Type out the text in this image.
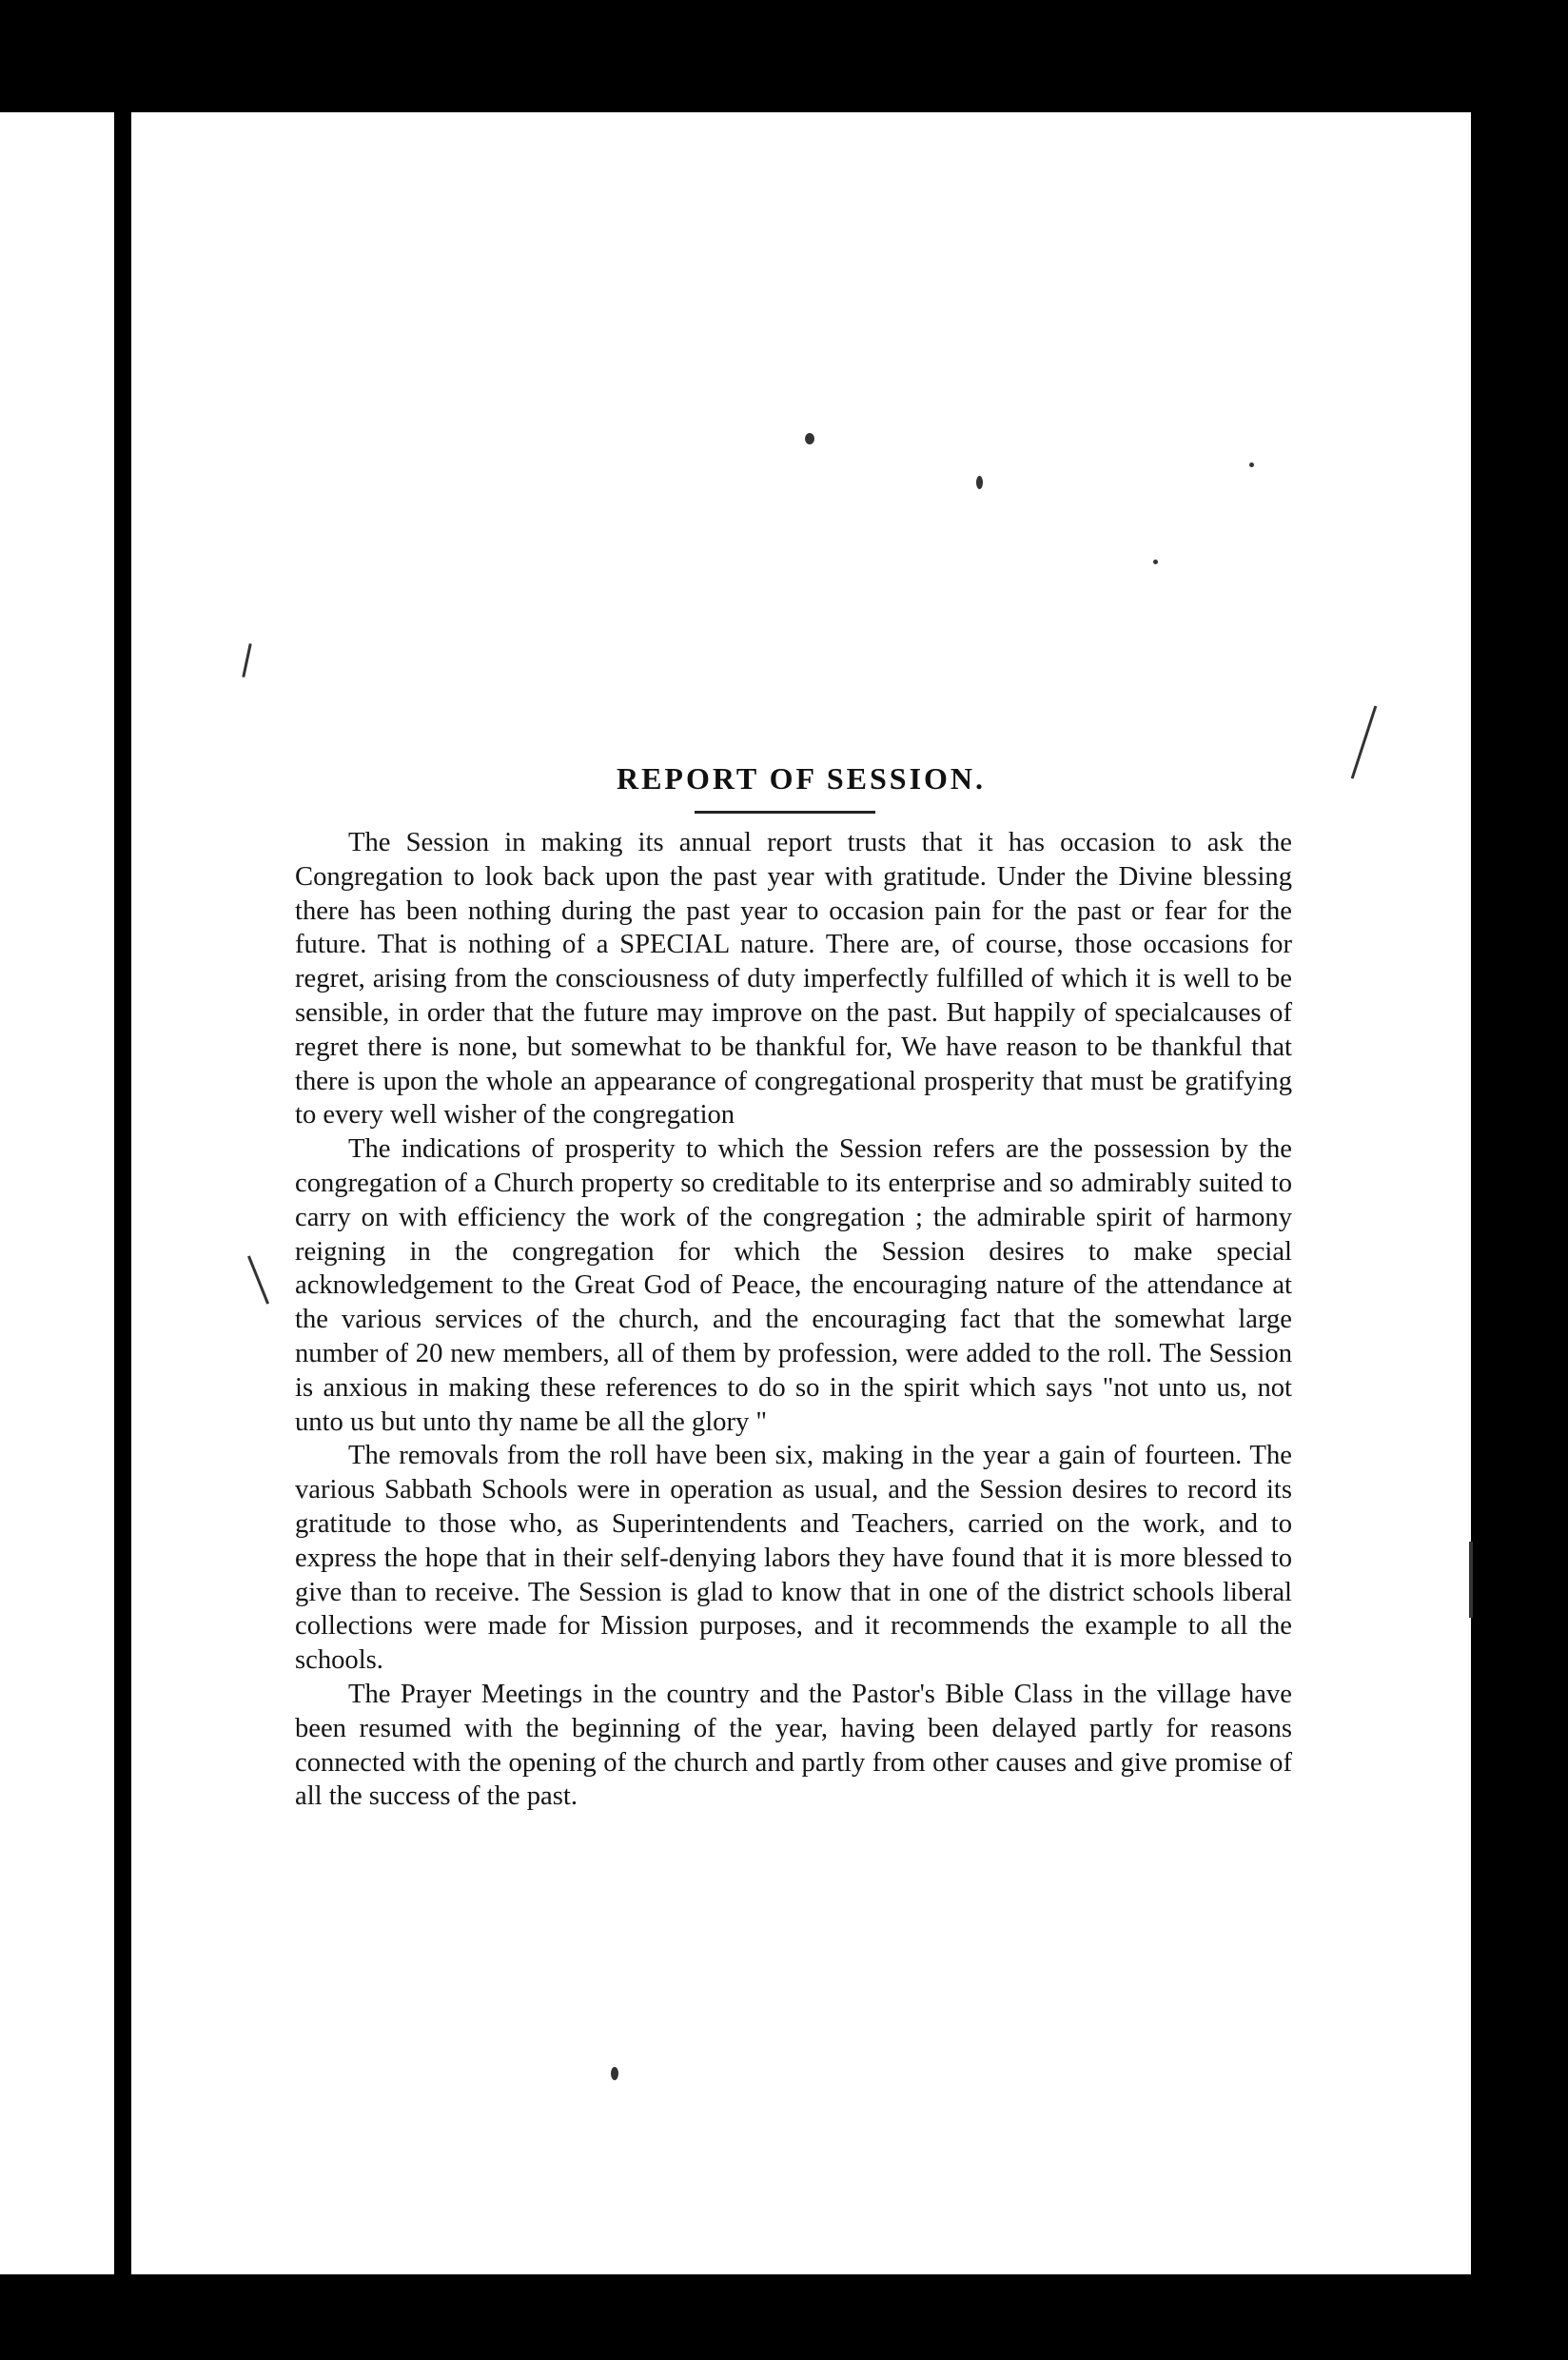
REPORT OF SESSION.

The Session in making its annual report trusts that it has occasion to ask the Congregation to look back upon the past year with gratitude. Under the Divine blessing there has been nothing during the past year to occasion pain for the past or fear for the future. That is nothing of a SPECIAL nature. There are, of course, those occasions for regret, arising from the consciousness of duty imperfectly fulfilled of which it is well to be sensible, in order that the future may improve on the past. But happily of specialcauses of regret there is none, but somewhat to be thankful for, We have reason to be thankful that there is upon the whole an appearance of congregational prosperity that must be gratifying to every well wisher of the congregation

The indications of prosperity to which the Session refers are the possession by the congregation of a Church property so creditable to its enterprise and so admirably suited to carry on with efficiency the work of the congregation ; the admirable spirit of harmony reigning in the congregation for which the Session desires to make special acknowledgement to the Great God of Peace, the encouraging nature of the attendance at the various services of the church, and the encouraging fact that the somewhat large number of 20 new members, all of them by profession, were added to the roll. The Session is anxious in making these references to do so in the spirit which says "not unto us, not unto us but unto thy name be all the glory "

The removals from the roll have been six, making in the year a gain of fourteen. The various Sabbath Schools were in operation as usual, and the Session desires to record its gratitude to those who, as Superintendents and Teachers, carried on the work, and to express the hope that in their self-denying labors they have found that it is more blessed to give than to receive. The Session is glad to know that in one of the district schools liberal collections were made for Mission purposes, and it recommends the example to all the schools.

The Prayer Meetings in the country and the Pastor's Bible Class in the village have been resumed with the beginning of the year, having been delayed partly for reasons connected with the opening of the church and partly from other causes and give promise of all the success of the past.
